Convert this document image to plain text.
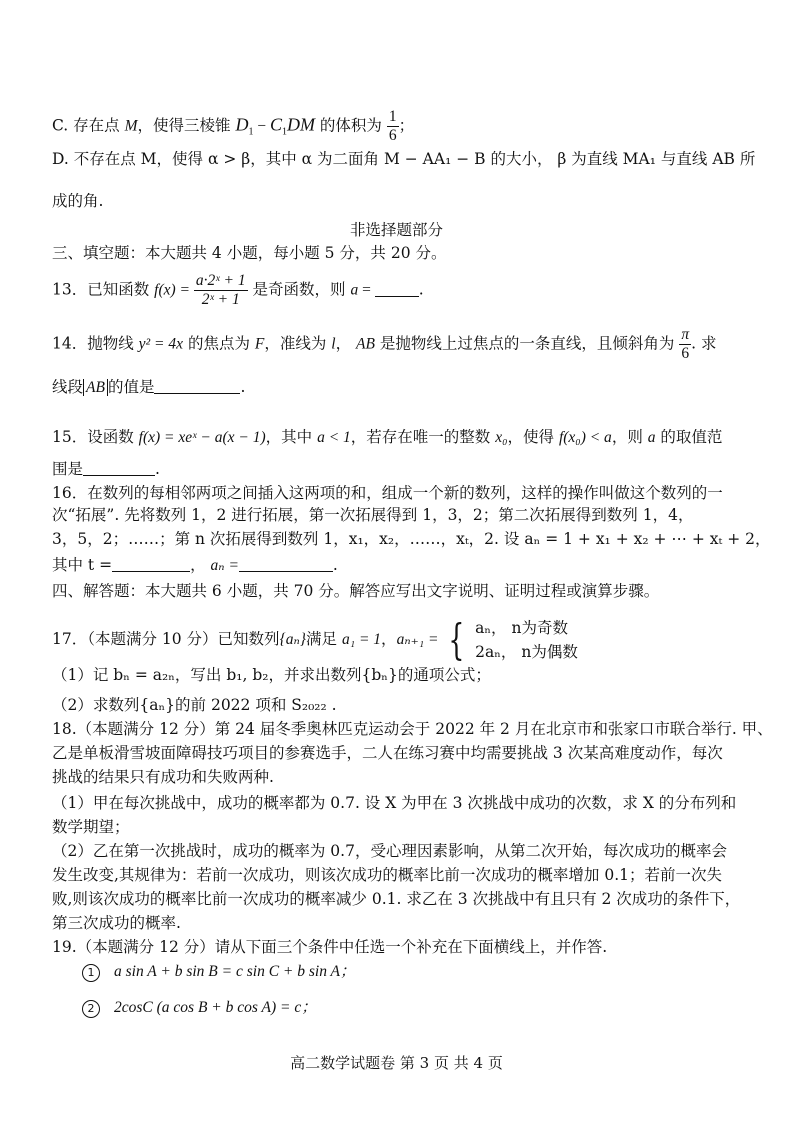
C. 存在点 M，使得三棱锥 $D_1 - C_1DM$ 的体积为 $\frac{1}{6}$ ；
D. 不存在点 M，使得 α > β，其中 α 为二面角 M − AA₁ − B 的大小， β 为直线 MA₁ 与直线 AB 所
成的角.
非选择题部分
三、填空题：本大题共 4 小题，每小题 5 分，共 20 分。
13．已知函数 $f(x) = \frac{\text{a·2ˣ + 1}}{\text{2ˣ + 1}}$ 是奇函数，则 a =	.
14．抛物线 y² = 4x 的焦点为 F，准线为 l， AB 是抛物线上过焦点的一条直线，且倾斜角为 $\frac{\pi}{6}$ . 求
线段 AB 的值是	.
15．设函数 f(x) = xeˣ − a(x − 1)，其中 a < 1，若存在唯一的整数 x₀，使得 f(x₀) < a，则 a 的取值范
围是	.
16．在数列的每相邻两项之间插入这两项的和，组成一个新的数列，这样的操作叫做这个数列的一
次“拓展”. 先将数列 1，2 进行拓展，第一次拓展得到 1，3，2；第二次拓展得到数列 1，4，
3，5，2；……；第 n 次拓展得到数列 1，x₁，x₂，……，xₜ，2. 设 aₙ = 1 + x₁ + x₂ + ⋯ + xₜ + 2，
其中 t =	， aₙ =	.
四、解答题：本大题共 6 小题，共 70 分。解答应写出文字说明、证明过程或演算步骤。
17．（本题满分 10 分）已知数列{aₙ}满足 a₁ = 1，aₙ₊₁ = { aₙ， n为奇数
2aₙ， n为偶数
（1）记 bₙ = a₂ₙ，写出 b₁, b₂，并求出数列{bₙ}的通项公式；
（2）求数列{aₙ}的前 2022 项和 S₂₀₂₂ .
18.（本题满分 12 分）第 24 届冬季奥林匹克运动会于 2022 年 2 月在北京市和张家口市联合举行. 甲、
乙是单板滑雪坡面障碍技巧项目的参赛选手，二人在练习赛中均需要挑战 3 次某高难度动作，每次
挑战的结果只有成功和失败两种.
（1）甲在每次挑战中，成功的概率都为 0.7. 设 X 为甲在 3 次挑战中成功的次数，求 X 的分布列和
数学期望；
（2）乙在第一次挑战时，成功的概率为 0.7，受心理因素影响，从第二次开始，每次成功的概率会
发生改变,其规律为：若前一次成功，则该次成功的概率比前一次成功的概率增加 0.1；若前一次失
败,则该次成功的概率比前一次成功的概率减少 0.1. 求乙在 3 次挑战中有且只有 2 次成功的条件下，
第三次成功的概率.
19.（本题满分 12 分）请从下面三个条件中任选一个补充在下面横线上，并作答.
1 a sin A + b sin B = c sin C + b sin A；
2 2cosC (a cos B + b cos A) = c；
高二数学试题卷 第 3 页 共 4 页
